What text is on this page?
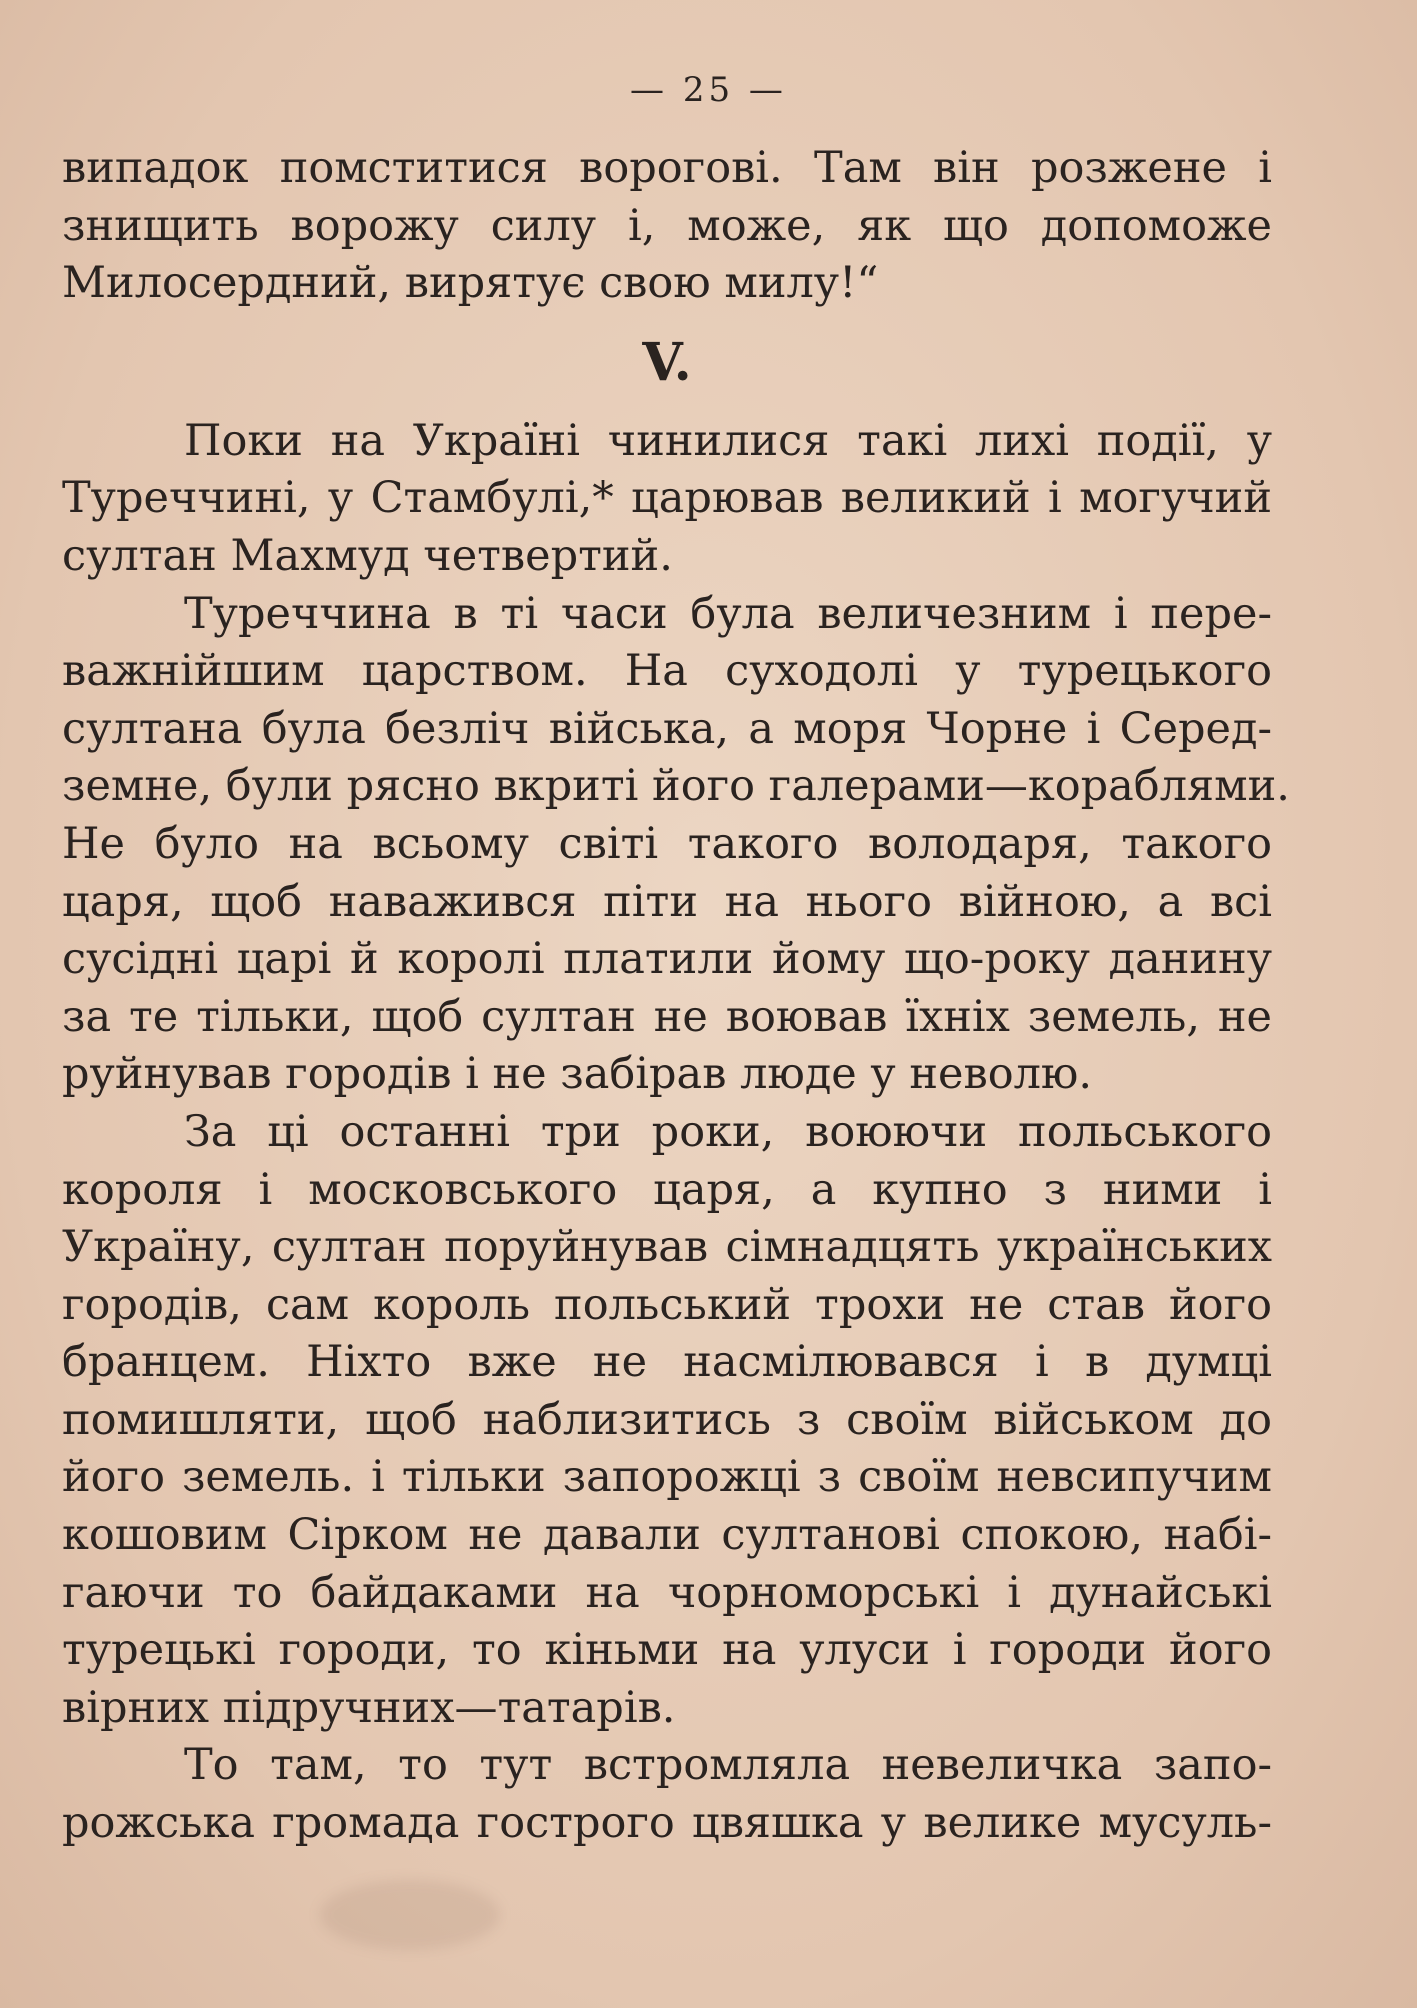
— 25 —
випадок помститися ворогові. Там він розжене і
знищить ворожу силу і, може, як що допоможе
Милосердний, вирятує свою милу!“
V.
Поки на Україні чинилися такі лихі події, у
Туреччині, у Стамбулі,* царював великий і могучий
султан Махмуд четвертий.
Туреччина в ті часи була величезним і пере-
важнійшим царством. На суходолі у турецького
султана була безліч війська, а моря Чорне і Серед-
земне, були рясно вкриті його галерами—кораблями.
Не було на всьому світі такого володаря, такого
царя, щоб наважився піти на нього війною, а всі
сусідні царі й королі платили йому що-року данину
за те тільки, щоб султан не воював їхніх земель, не
руйнував городів і не забірав люде у неволю.
За ці останні три роки, воюючи польського
короля і московського царя, а купно з ними і
Україну, султан поруйнував сімнадцять українських
городів, сам король польський трохи не став його
бранцем. Ніхто вже не насмілювався і в думці
помишляти, щоб наблизитись з своїм військом до
його земель. і тільки запорожці з своїм невсипучим
кошовим Сірком не давали султанові спокою, набі-
гаючи то байдаками на чорноморські і дунайські
турецькі городи, то кіньми на улуси і городи його
вірних підручних—татарів.
То там, то тут встромляла невеличка запо-
рожська громада гострого цвяшка у велике мусуль-
